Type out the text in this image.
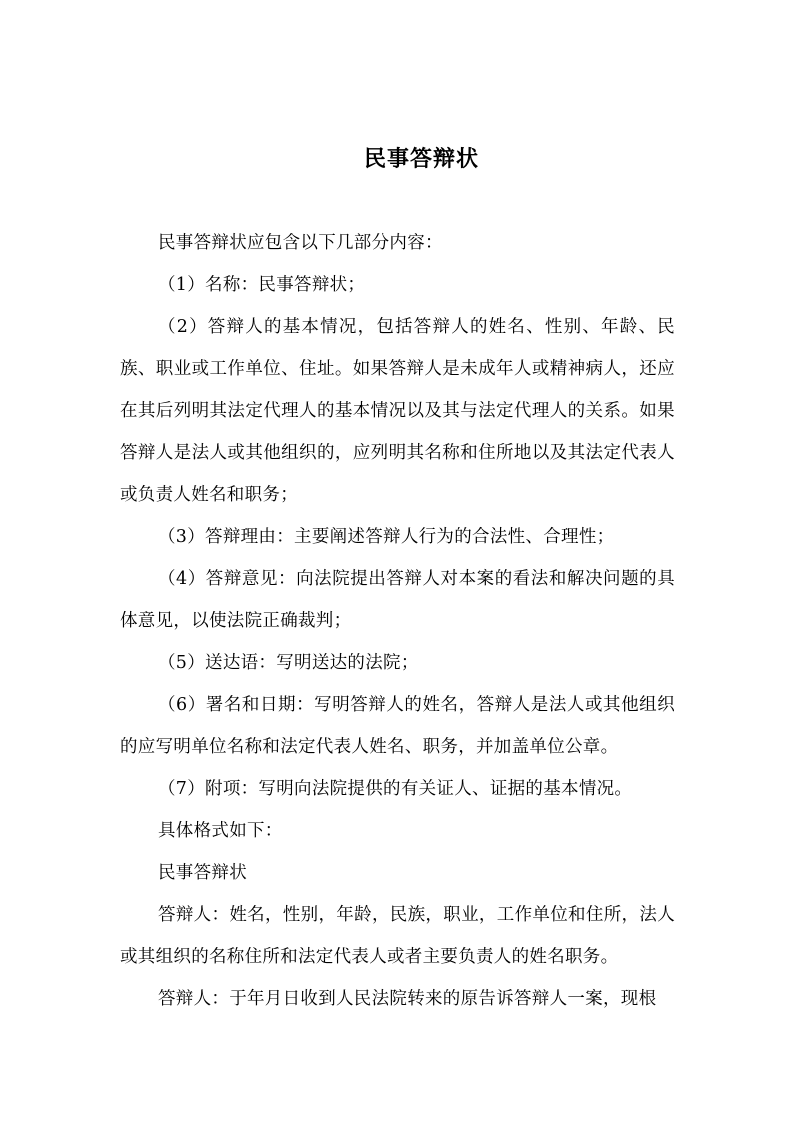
民事答辩状

民事答辩状应包含以下几部分内容：

（1）名称：民事答辩状；

（2）答辩人的基本情况，包括答辩人的姓名、性别、年龄、民族、职业或工作单位、住址。如果答辩人是未成年人或精神病人，还应在其后列明其法定代理人的基本情况以及其与法定代理人的关系。如果答辩人是法人或其他组织的，应列明其名称和住所地以及其法定代表人或负责人姓名和职务；

（3）答辩理由：主要阐述答辩人行为的合法性、合理性；

（4）答辩意见：向法院提出答辩人对本案的看法和解决问题的具体意见，以使法院正确裁判；

（5）送达语：写明送达的法院；

（6）署名和日期：写明答辩人的姓名，答辩人是法人或其他组织的应写明单位名称和法定代表人姓名、职务，并加盖单位公章。

（7）附项：写明向法院提供的有关证人、证据的基本情况。

具体格式如下：

民事答辩状

答辩人：姓名，性别，年龄，民族，职业，工作单位和住所，法人或其组织的名称住所和法定代表人或者主要负责人的姓名职务。

答辩人：于年月日收到人民法院转来的原告诉答辩人一案，现根
